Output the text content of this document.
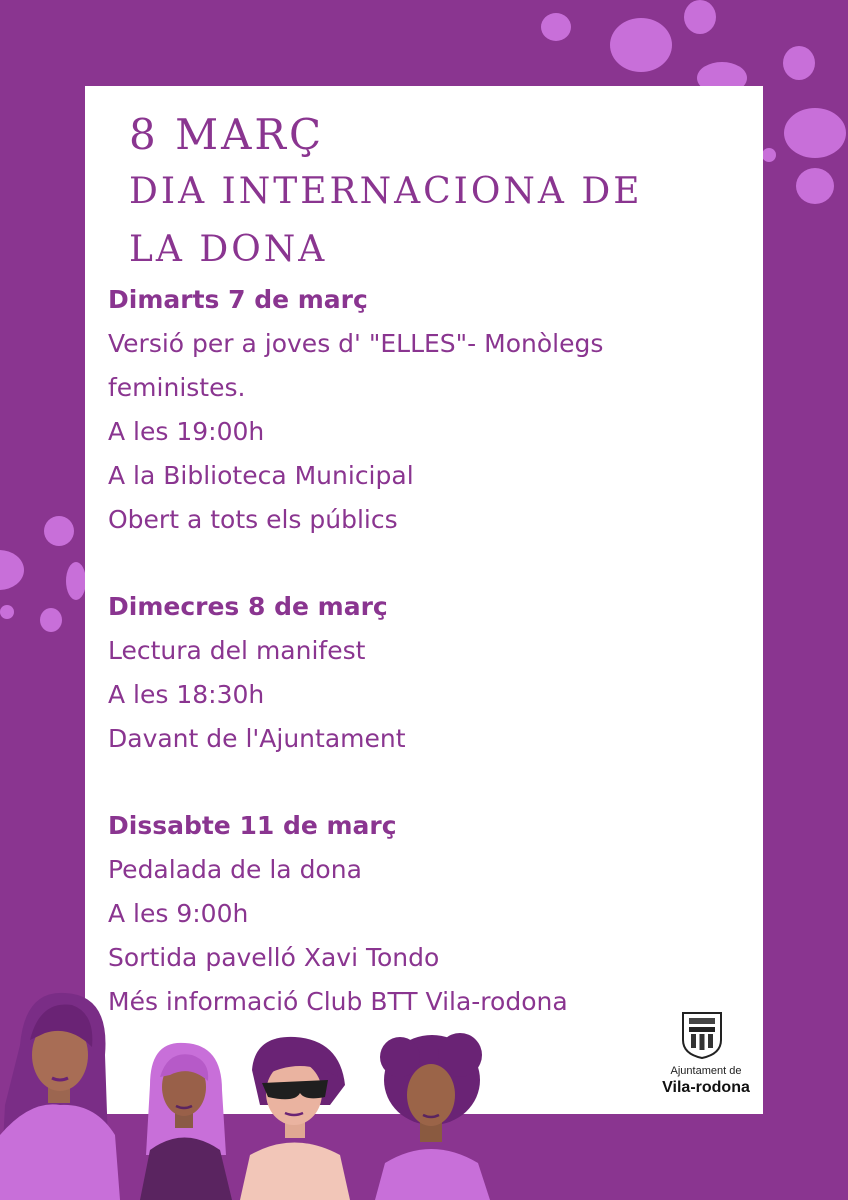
8 MARÇ
DIA INTERNACIONA DE
LA DONA
Dimarts 7 de març
Versió per a joves d' "ELLES"- Monòlegs
feministes.
A les 19:00h
A la Biblioteca Municipal
Obert a tots els públics
Dimecres 8 de març
Lectura del manifest
A les 18:30h
Davant de l'Ajuntament
Dissabte 11 de març
Pedalada de la dona
A les 9:00h
Sortida pavelló Xavi Tondo
Més informació Club BTT Vila-rodona
Ajuntament de
Vila-rodona
